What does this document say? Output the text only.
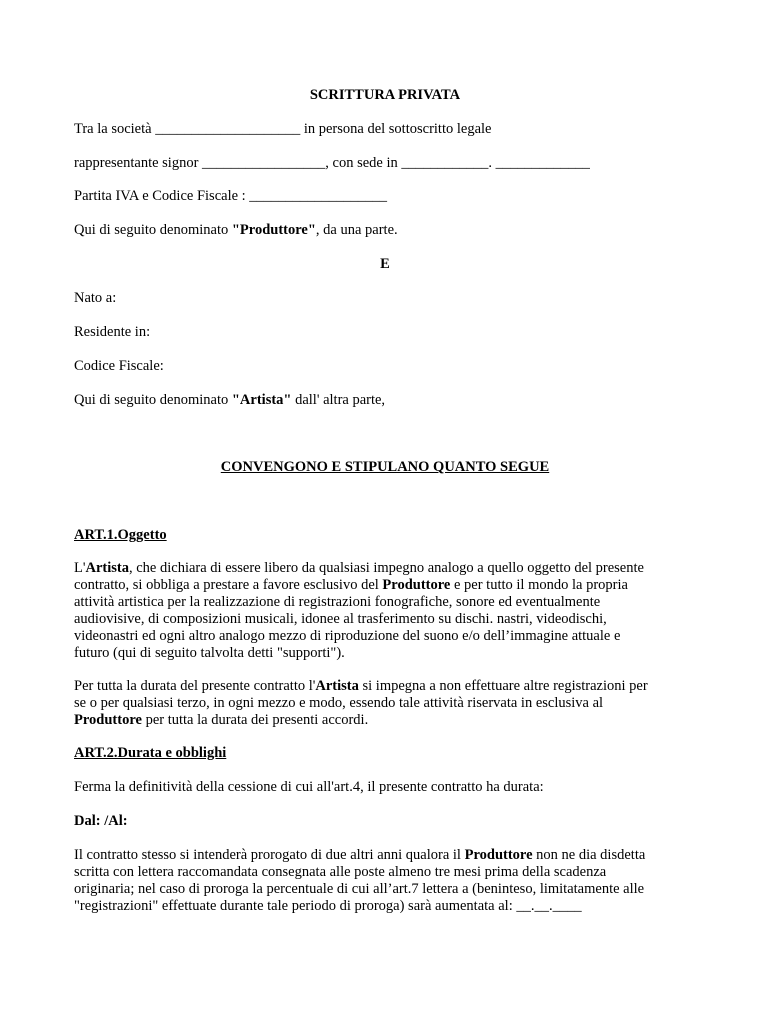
SCRITTURA PRIVATA
Tra la società ____________________ in persona del sottoscritto legale
rappresentante signor _________________, con sede in ____________. _____________
Partita IVA e Codice Fiscale : ___________________
Qui di seguito denominato "Produttore", da una parte.
E
Nato a:
Residente in:
Codice Fiscale:
Qui di seguito denominato "Artista" dall' altra parte,
CONVENGONO E STIPULANO QUANTO SEGUE
ART.1.Oggetto
L'Artista, che dichiara di essere libero da qualsiasi impegno analogo a quello oggetto del presente
contratto, si obbliga a prestare a favore esclusivo del Produttore e per tutto il mondo la propria
attività artistica per la realizzazione di registrazioni fonografiche, sonore ed eventualmente
audiovisive, di composizioni musicali, idonee al trasferimento su dischi. nastri, videodischi,
videonastri ed ogni altro analogo mezzo di riproduzione del suono e/o dell’immagine attuale e
futuro (qui di seguito talvolta detti "supporti").
Per tutta la durata del presente contratto l'Artista si impegna a non effettuare altre registrazioni per
se o per qualsiasi terzo, in ogni mezzo e modo, essendo tale attività riservata in esclusiva al
Produttore per tutta la durata dei presenti accordi.
ART.2.Durata e obblighi
Ferma la definitività della cessione di cui all'art.4, il presente contratto ha durata:
Dal: /Al:
Il contratto stesso si intenderà prorogato di due altri anni qualora il Produttore non ne dia disdetta
scritta con lettera raccomandata consegnata alle poste almeno tre mesi prima della scadenza
originaria; nel caso di proroga la percentuale di cui all’art.7 lettera a (beninteso, limitatamente alle
"registrazioni" effettuate durante tale periodo di proroga) sarà aumentata al: __.__.____
